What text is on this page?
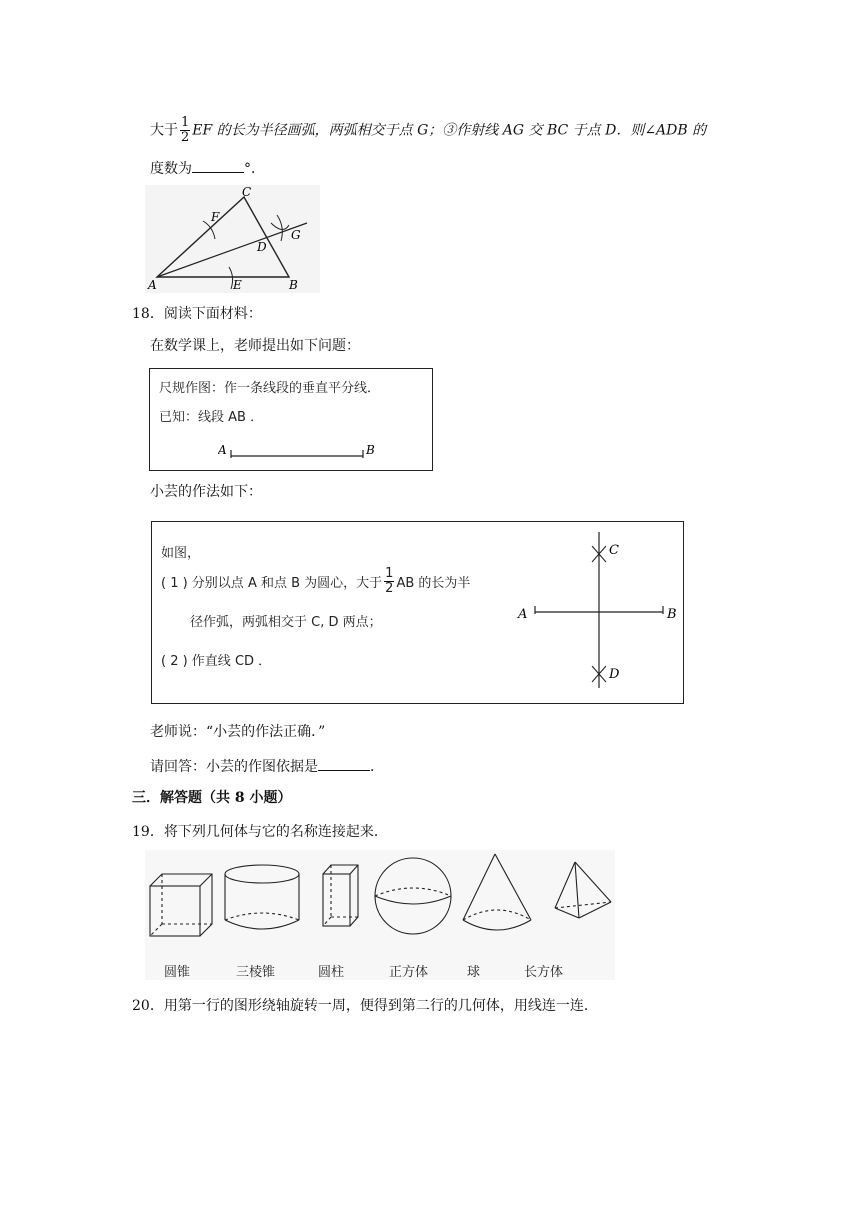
大于 $\frac{1}{2}$ EF 的长为半径画弧，两弧相交于点 G；③作射线 AG 交 BC 于点 D．则∠ADB 的
度数为	°．
C
F
G
D
A	E	B
18．阅读下面材料：
在数学课上，老师提出如下问题：
尺规作图：作一条线段的垂直平分线．
已知：线段 AB ．
A	B
小芸的作法如下：
如图，
( 1 ) 分别以点 A 和点 B 为圆心，大于 $\frac{1}{2}$ AB 的长为半
径作弧，两弧相交于 C, D 两点；
( 2 ) 作直线 CD ．
C
D
A	B
老师说：“小芸的作法正确．”
请回答：小芸的作图依据是	．
三．解答题（共 8 小题）
19．将下列几何体与它的名称连接起来．
圆锥	三棱锥	圆柱	正方体	球	长方体
20．用第一行的图形绕轴旋转一周，便得到第二行的几何体，用线连一连．
